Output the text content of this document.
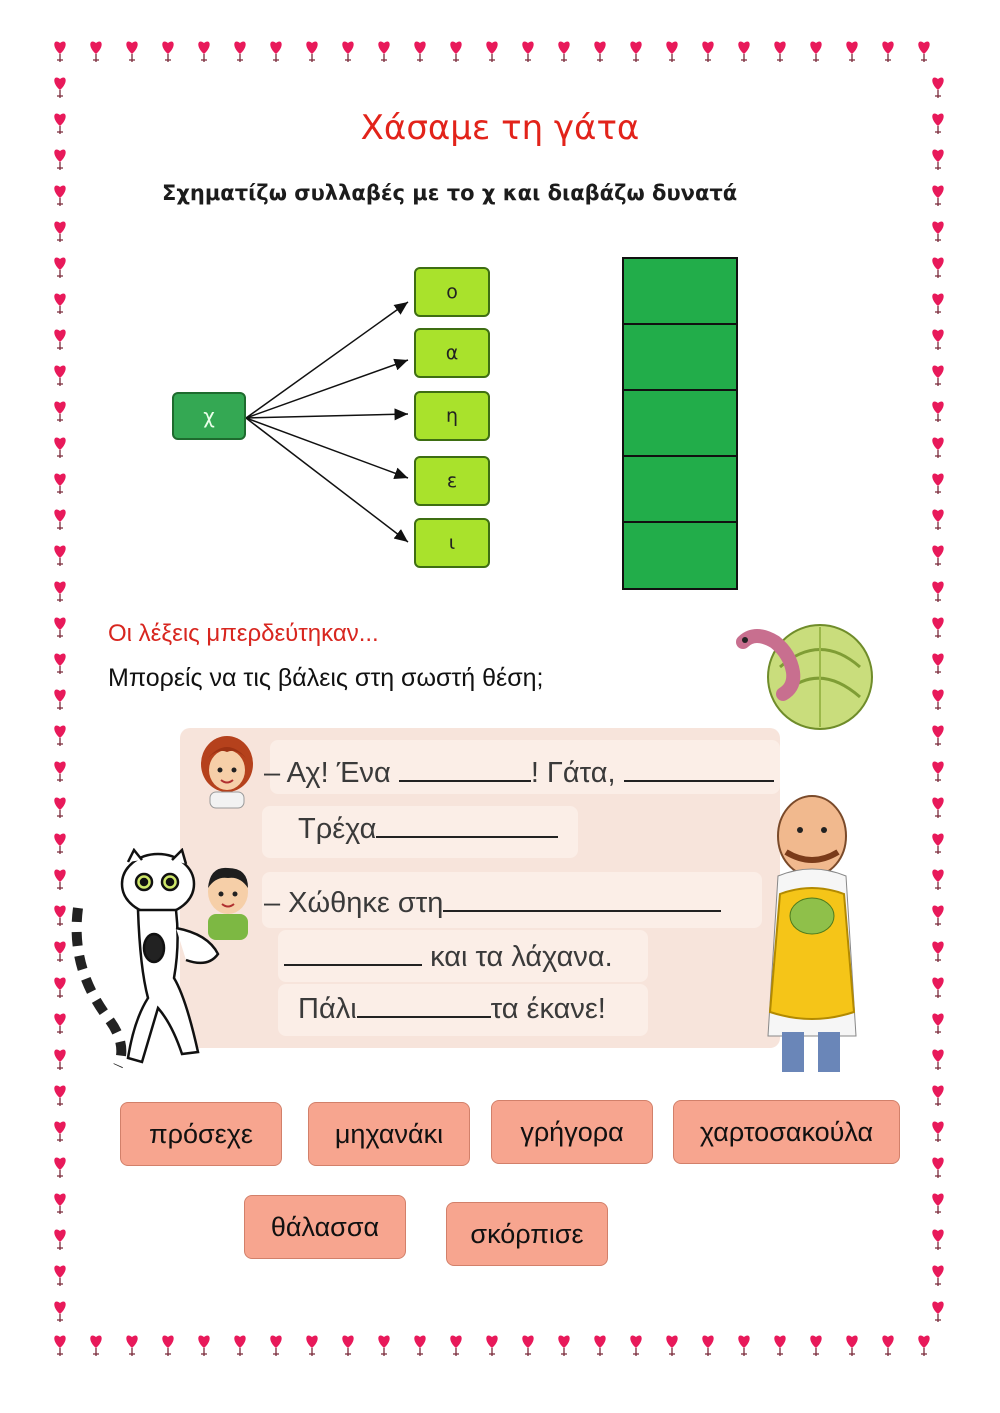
Χάσαμε τη γάτα
Σχηματίζω συλλαβές με το χ και διαβάζω δυνατά
χ
ο
α
η
ε
ι
Οι λέξεις μπερδεύτηκαν...
Μπορείς να τις βάλεις στη σωστή θέση;
– Αχ! Ένα	! Γάτα,
Τρέχα
– Χώθηκε στη
και τα λάχανα.
Πάλι	τα έκανε!
πρόσεχε	μηχανάκι	γρήγορα	χαρτοσακούλα
θάλασσα	σκόρπισε
